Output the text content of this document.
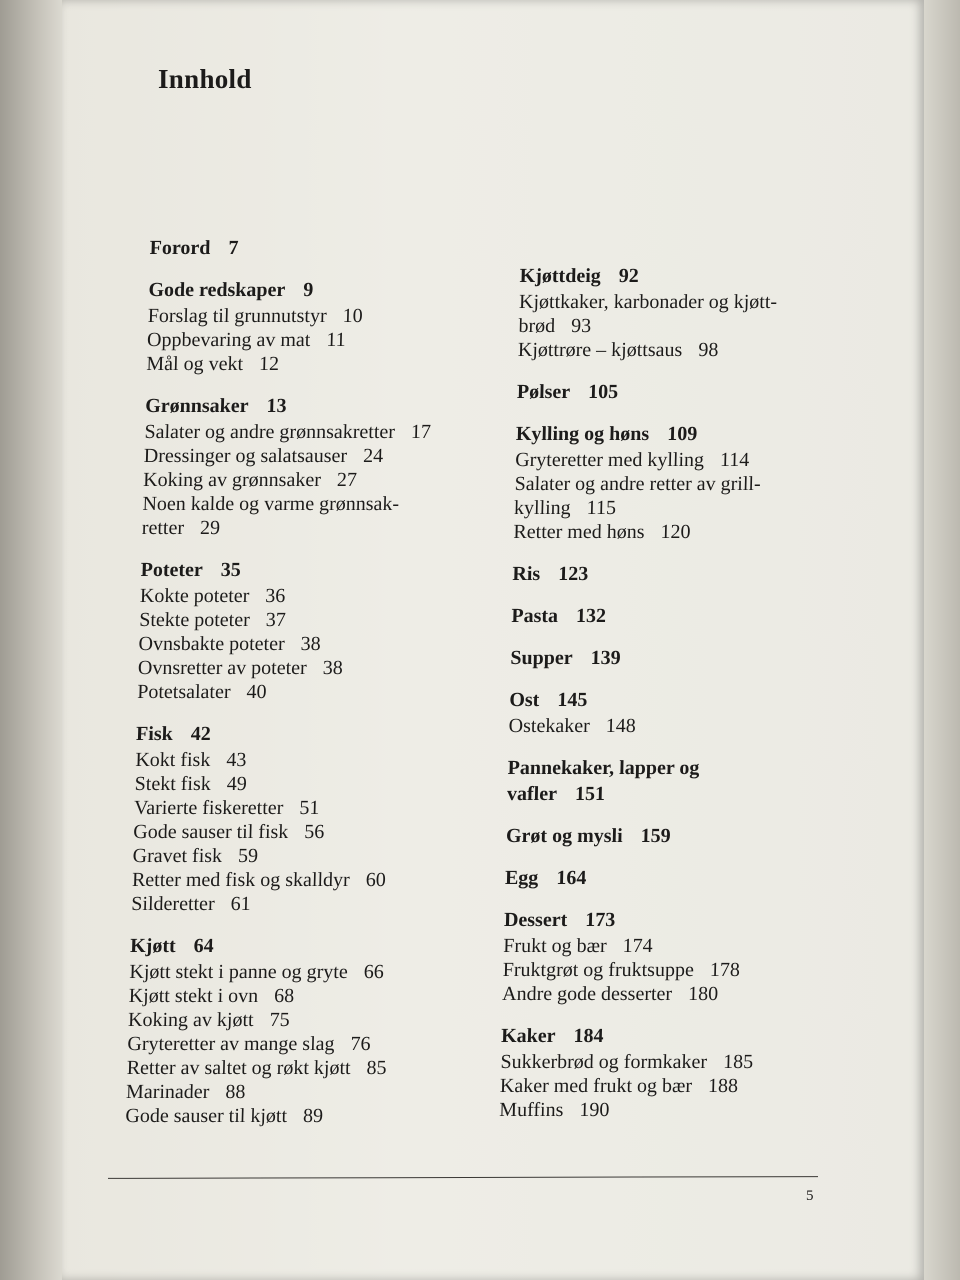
Innhold
Forord 7
Gode redskaper 9
Forslag til grunnutstyr 10
Oppbevaring av mat 11
Mål og vekt 12
Grønnsaker 13
Salater og andre grønnsakretter 17
Dressinger og salatsauser 24
Koking av grønnsaker 27
Noen kalde og varme grønnsak-
retter 29
Poteter 35
Kokte poteter 36
Stekte poteter 37
Ovnsbakte poteter 38
Ovnsretter av poteter 38
Potetsalater 40
Fisk 42
Kokt fisk 43
Stekt fisk 49
Varierte fiskeretter 51
Gode sauser til fisk 56
Gravet fisk 59
Retter med fisk og skalldyr 60
Silderetter 61
Kjøtt 64
Kjøtt stekt i panne og gryte 66
Kjøtt stekt i ovn 68
Koking av kjøtt 75
Gryteretter av mange slag 76
Retter av saltet og røkt kjøtt 85
Marinader 88
Gode sauser til kjøtt 89
Kjøttdeig 92
Kjøttkaker, karbonader og kjøtt-
brød 93
Kjøttrøre – kjøttsaus 98
Pølser 105
Kylling og høns 109
Gryteretter med kylling 114
Salater og andre retter av grill-
kylling 115
Retter med høns 120
Ris 123
Pasta 132
Supper 139
Ost 145
Ostekaker 148
Pannekaker, lapper og
vafler 151
Grøt og mysli 159
Egg 164
Dessert 173
Frukt og bær 174
Fruktgrøt og fruktsuppe 178
Andre gode desserter 180
Kaker 184
Sukkerbrød og formkaker 185
Kaker med frukt og bær 188
Muffins 190
5
